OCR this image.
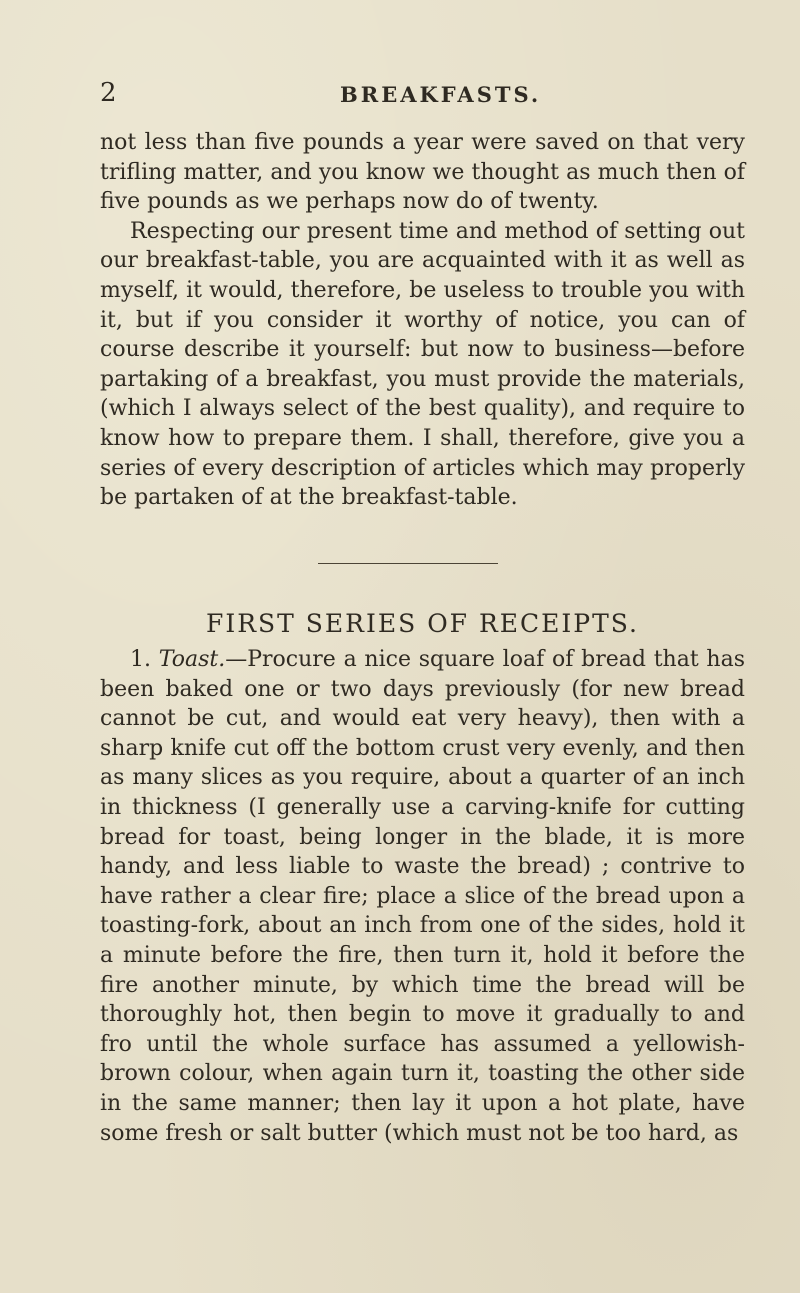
2	BREAKFASTS.

not less than five pounds a year were saved on that very trifling matter, and you know we thought as much then of five pounds as we perhaps now do of twenty.

Respecting our present time and method of setting out our breakfast-table, you are acquainted with it as well as myself, it would, therefore, be useless to trouble you with it, but if you consider it worthy of notice, you can of course describe it yourself: but now to business—before partaking of a breakfast, you must provide the materials, (which I always select of the best quality), and require to know how to prepare them. I shall, therefore, give you a series of every description of articles which may properly be partaken of at the breakfast-table.

FIRST SERIES OF RECEIPTS.

1. Toast.—Procure a nice square loaf of bread that has been baked one or two days previously (for new bread cannot be cut, and would eat very heavy), then with a sharp knife cut off the bottom crust very evenly, and then as many slices as you require, about a quarter of an inch in thickness (I generally use a carving-knife for cutting bread for toast, being longer in the blade, it is more handy, and less liable to waste the bread) ; contrive to have rather a clear fire; place a slice of the bread upon a toasting-fork, about an inch from one of the sides, hold it a minute before the fire, then turn it, hold it before the fire another minute, by which time the bread will be thoroughly hot, then begin to move it gradually to and fro until the whole surface has assumed a yellowish-brown colour, when again turn it, toasting the other side in the same manner; then lay it upon a hot plate, have some fresh or salt butter (which must not be too hard, as
